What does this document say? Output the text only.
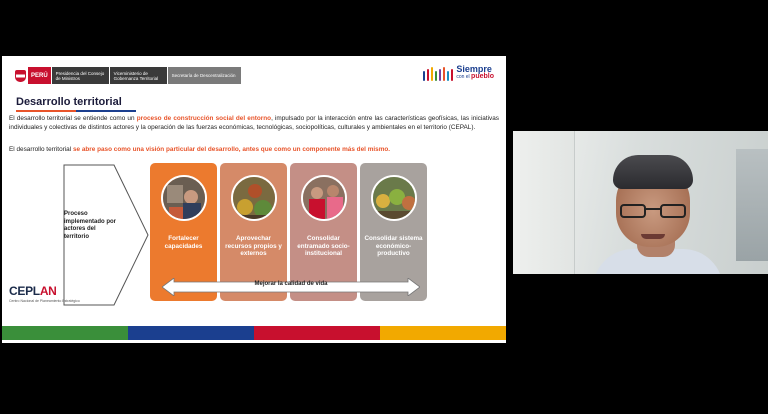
PERÚ	Presidencia del Consejo de Ministros
Viceministerio de Gobernanza Territorial	Secretaría de Descentralización
Siempre
con el pueblo
Desarrollo territorial

El desarrollo territorial se entiende como un proceso de construcción social del entorno, impulsado por la interacción entre las características geofísicas, las iniciativas individuales y colectivas de distintos actores y la operación de las fuerzas económicas, tecnológicas, sociopolíticas, culturales y ambientales en el territorio (CEPAL).

El desarrollo territorial se abre paso como una visión particular del desarrollo, antes que como un componente más del mismo.

Proceso implementado por actores del territorio	Fortalecer capacidades
Aprovechar recursos propios y externos
Consolidar entramado socio-institucional
Consolidar sistema económico-productivo
Mejorar la calidad de vida
CEPLAN
Centro Nacional de Planeamiento Estratégico
